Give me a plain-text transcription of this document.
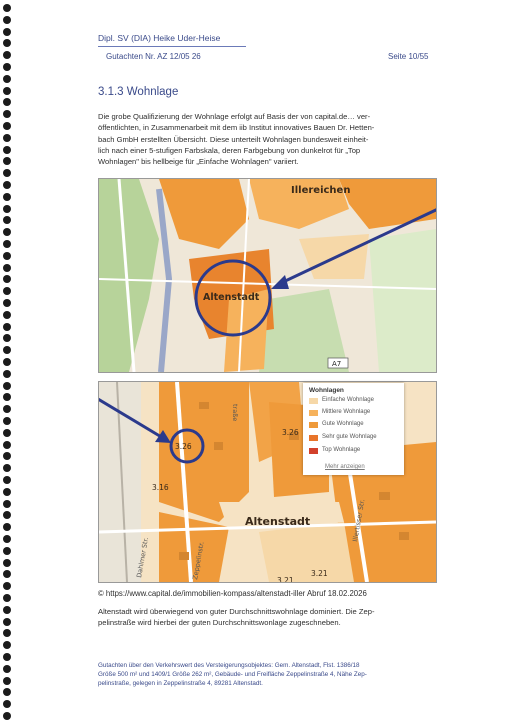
Dipl. SV (DIA) Heike Uder-Heise
Gutachten Nr. AZ 12/05 26	Seite 10/55
3.1.3 Wohnlage
Die grobe Qualifizierung der Wohnlage erfolgt auf Basis der von capital.de… ver-
öffentlichten, in Zusammenarbeit mit dem iib Institut innovatives Bauen Dr. Hetten-
bach GmbH erstellten Übersicht. Diese unterteilt Wohnlagen bundesweit einheit-
lich nach einer 5-stufigen Farbskala, deren Farbgebung von dunkelrot für „Top
Wohnlagen" bis hellbeige für „Einfache Wohnlagen" variiert.
Altenstadt
Illereichen
A7
3.26
3.26
3.16
3.21
3.21
Altenstadt
Dahlmer Str.	Zeppelinstr.
Illertisser Str.
traße
Wohnlagen
Einfache Wohnlage
Mittlere Wohnlage
Gute Wohnlage
Sehr gute Wohnlage
Top Wohnlage
Mehr anzeigen
© https://www.capital.de/immobilien-kompass/altenstadt-iller Abruf 18.02.2026
Altenstadt wird überwiegend von guter Durchschnittswohnlage dominiert. Die Zep-
pelinstraße wird hierbei der guten Durchschnittswonlage zugeschneben.
Gutachten über den Verkehrswert des Versteigerungsobjektes: Gem. Altenstadt, Flst. 1386/18
Größe 500 m² und 1409/1 Größe 262 m², Gebäude- und Freifläche Zeppelinstraße 4, Nähe Zep-
pelinstraße, gelegen in Zeppelinstraße 4, 89281 Altenstadt.
